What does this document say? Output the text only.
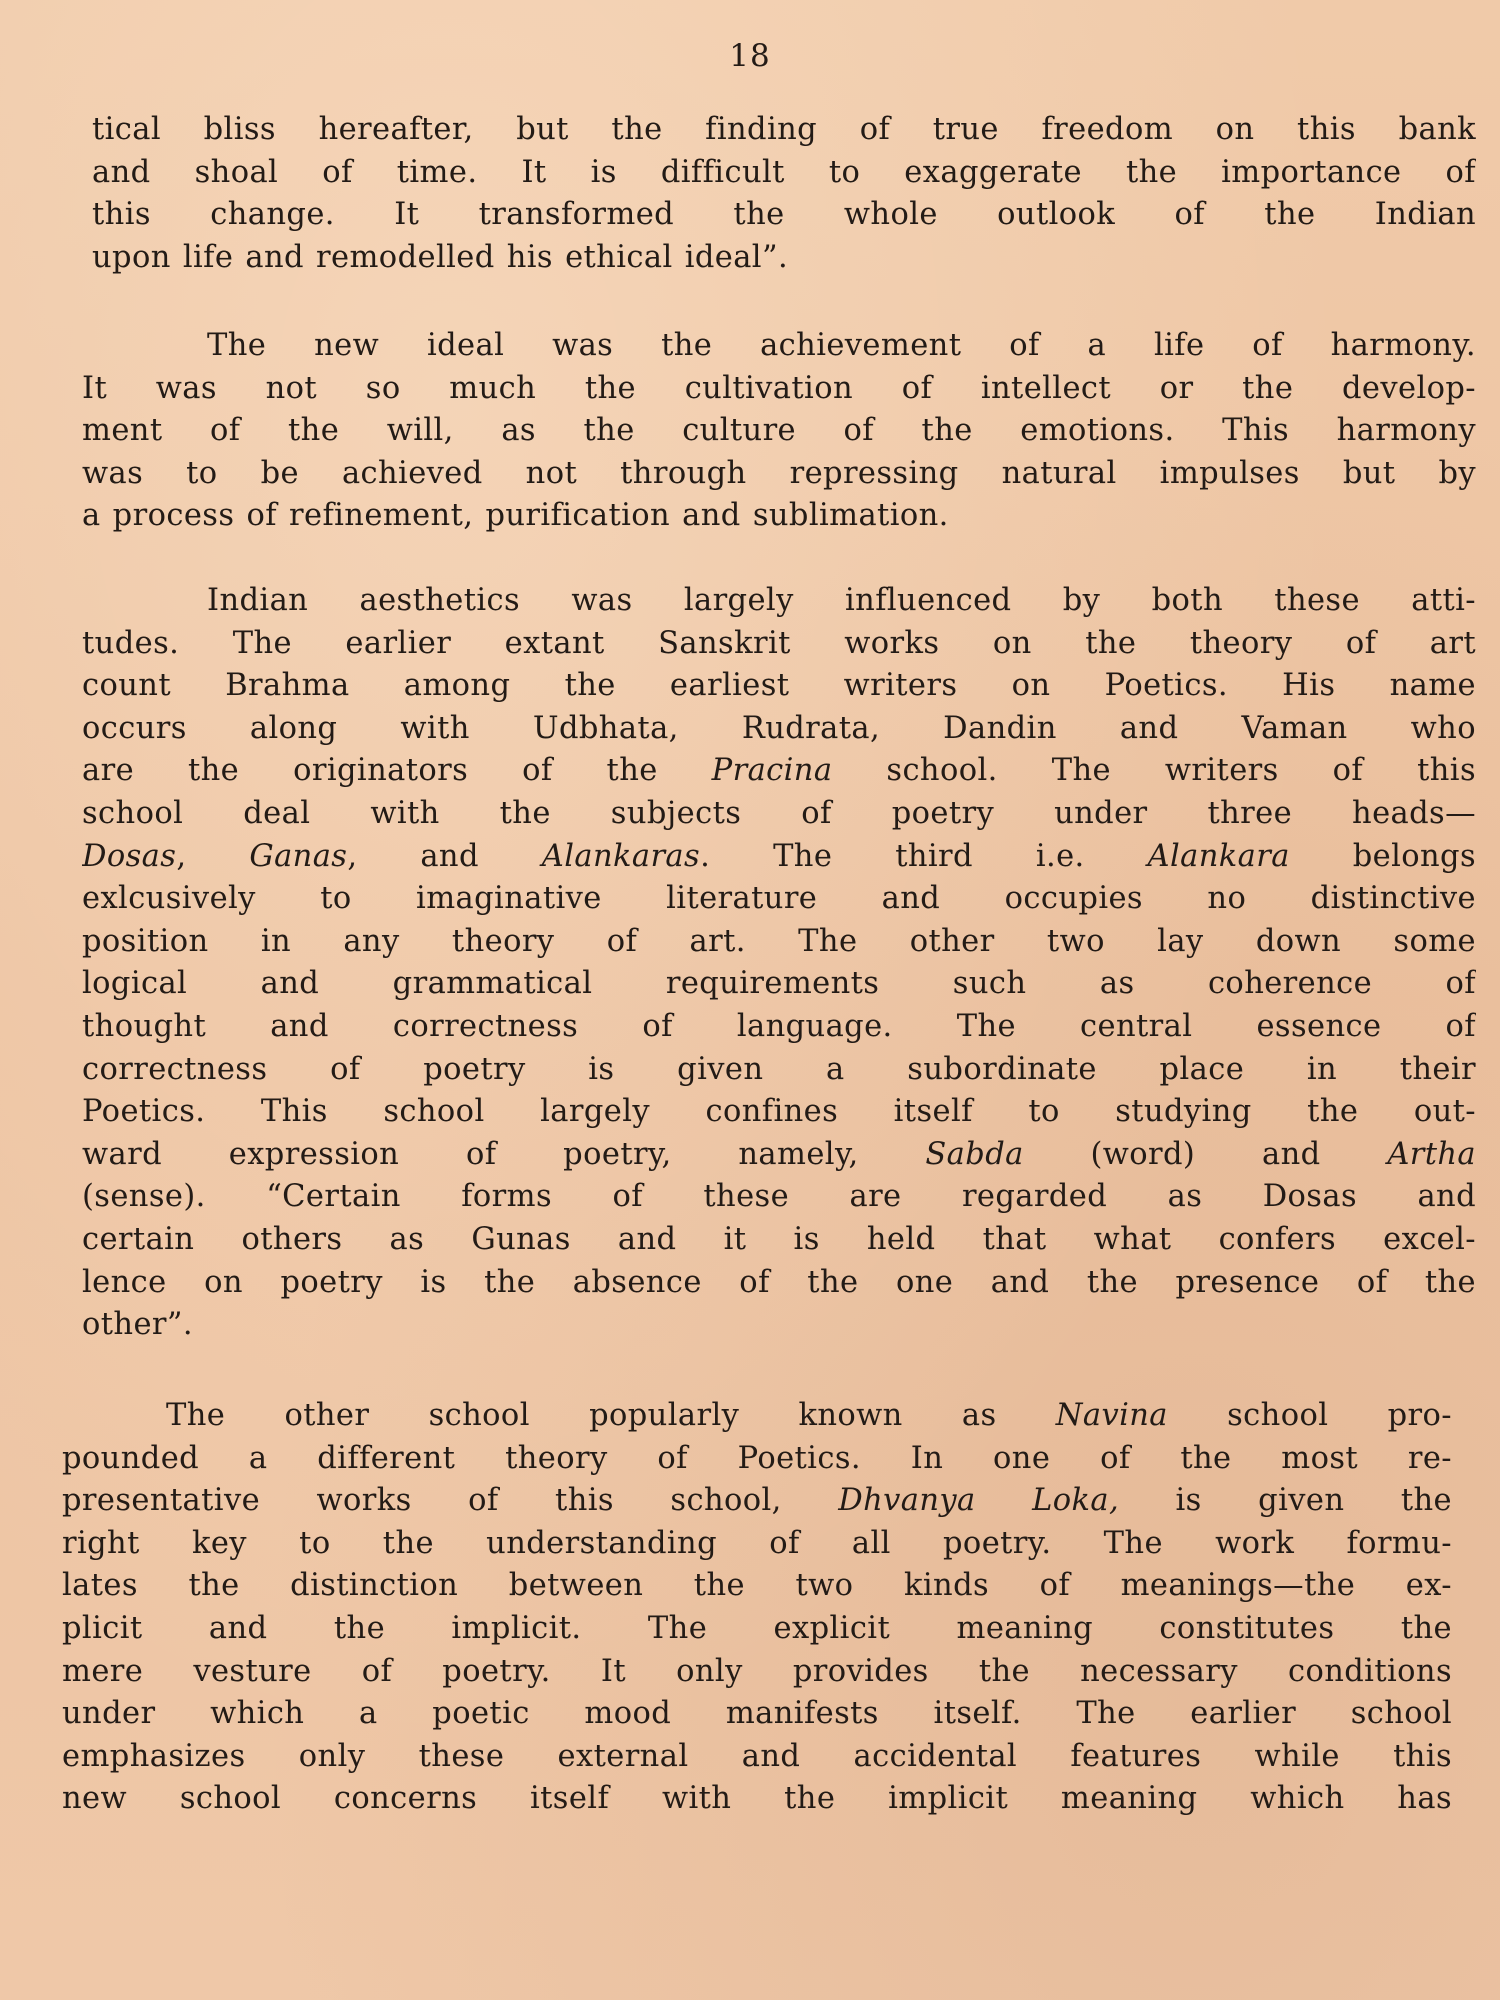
18
tical bliss hereafter, but the finding of true freedom on this bank
and shoal of time. It is difficult to exaggerate the importance of
this change. It transformed the whole outlook of the Indian
upon life and remodelled his ethical ideal”.
The new ideal was the achievement of a life of harmony.
It was not so much the cultivation of intellect or the develop-
ment of the will, as the culture of the emotions. This harmony
was to be achieved not through repressing natural impulses but by
a process of refinement, purification and sublimation.
Indian aesthetics was largely influenced by both these atti-
tudes. The earlier extant Sanskrit works on the theory of art
count Brahma among the earliest writers on Poetics. His name
occurs along with Udbhata, Rudrata, Dandin and Vaman who
are the originators of the Pracina school. The writers of this
school deal with the subjects of poetry under three heads—
Dosas, Ganas, and Alankaras. The third i.e. Alankara belongs
exlcusively to imaginative literature and occupies no distinctive
position in any theory of art. The other two lay down some
logical and grammatical requirements such as coherence of
thought and correctness of language. The central essence of
correctness of poetry is given a subordinate place in their
Poetics. This school largely confines itself to studying the out-
ward expression of poetry, namely, Sabda (word) and Artha
(sense). “Certain forms of these are regarded as Dosas and
certain others as Gunas and it is held that what confers excel-
lence on poetry is the absence of the one and the presence of the
other”.
The other school popularly known as Navina school pro-
pounded a different theory of Poetics. In one of the most re-
presentative works of this school, Dhvanya Loka, is given the
right key to the understanding of all poetry. The work formu-
lates the distinction between the two kinds of meanings—the ex-
plicit and the implicit. The explicit meaning constitutes the
mere vesture of poetry. It only provides the necessary conditions
under which a poetic mood manifests itself. The earlier school
emphasizes only these external and accidental features while this
new school concerns itself with the implicit meaning which has
